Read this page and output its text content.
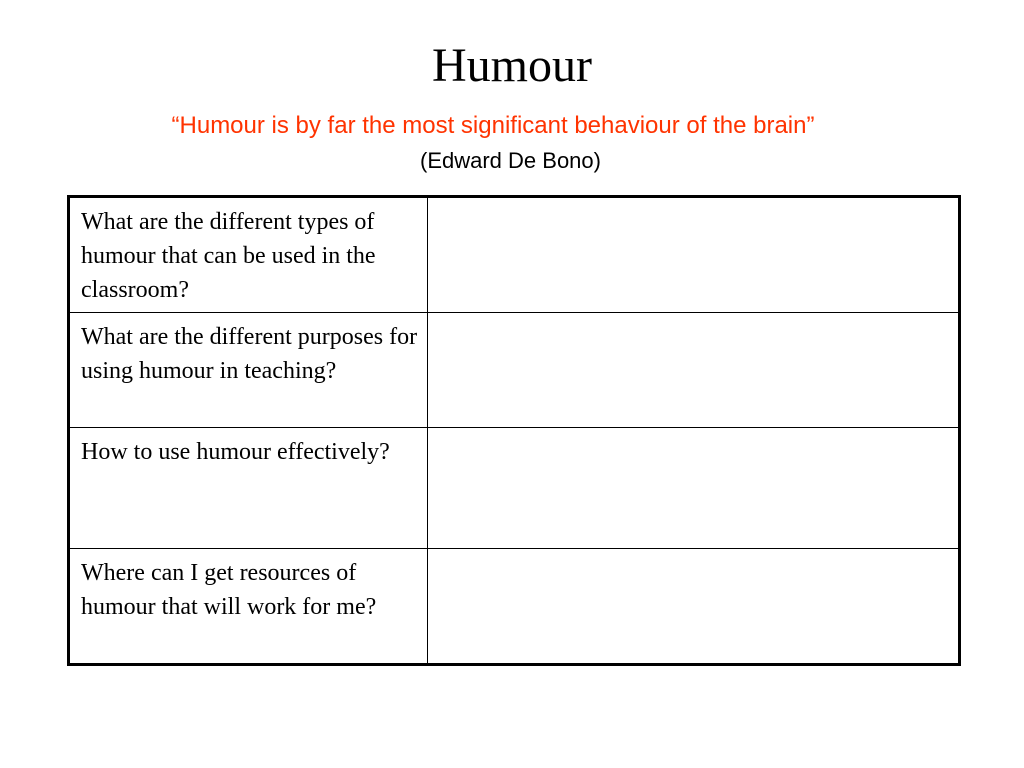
Humour
“Humour is by far the most significant behaviour of the brain”
(Edward De Bono)
What are the different types of humour that can be used in the classroom?	
What are the different purposes for using humour in teaching?	
How to use humour effectively?	
Where can I get resources of humour that will work for me?	
